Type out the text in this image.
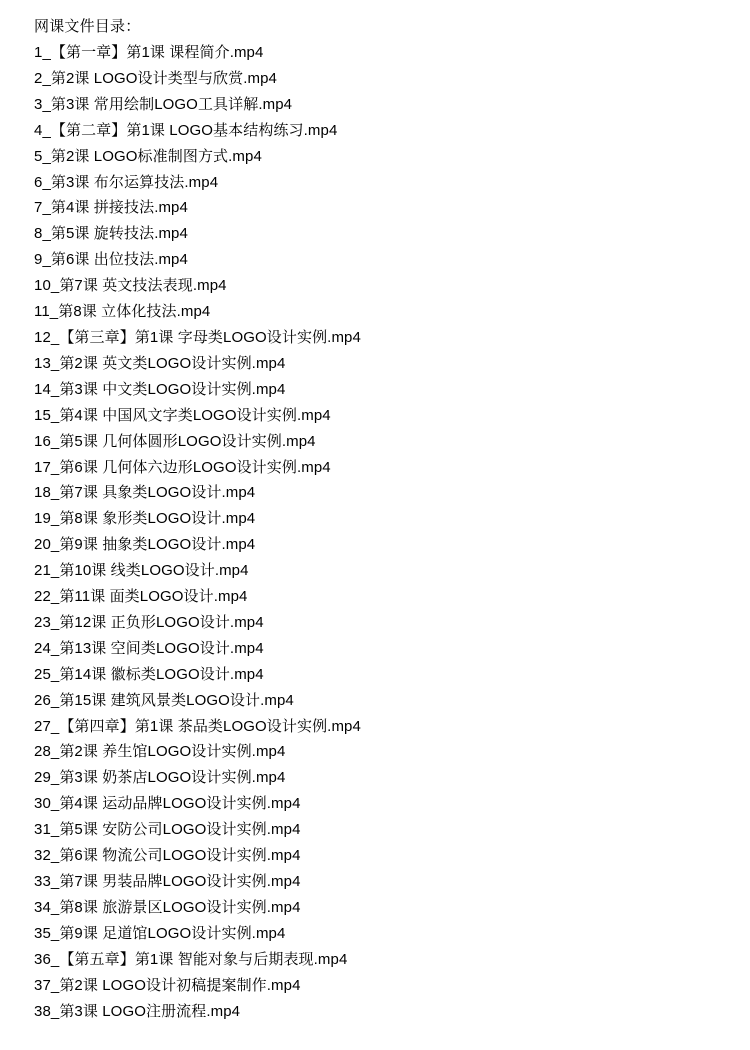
网课文件目录：
1_【第一章】第1课 课程简介.mp4
2_第2课 LOGO设计类型与欣赏.mp4
3_第3课 常用绘制LOGO工具详解.mp4
4_【第二章】第1课 LOGO基本结构练习.mp4
5_第2课 LOGO标准制图方式.mp4
6_第3课 布尔运算技法.mp4
7_第4课 拼接技法.mp4
8_第5课 旋转技法.mp4
9_第6课 出位技法.mp4
10_第7课 英文技法表现.mp4
11_第8课 立体化技法.mp4
12_【第三章】第1课 字母类LOGO设计实例.mp4
13_第2课 英文类LOGO设计实例.mp4
14_第3课 中文类LOGO设计实例.mp4
15_第4课 中国风文字类LOGO设计实例.mp4
16_第5课 几何体圆形LOGO设计实例.mp4
17_第6课 几何体六边形LOGO设计实例.mp4
18_第7课 具象类LOGO设计.mp4
19_第8课 象形类LOGO设计.mp4
20_第9课 抽象类LOGO设计.mp4
21_第10课 线类LOGO设计.mp4
22_第11课 面类LOGO设计.mp4
23_第12课 正负形LOGO设计.mp4
24_第13课 空间类LOGO设计.mp4
25_第14课 徽标类LOGO设计.mp4
26_第15课 建筑风景类LOGO设计.mp4
27_【第四章】第1课 茶品类LOGO设计实例.mp4
28_第2课 养生馆LOGO设计实例.mp4
29_第3课 奶茶店LOGO设计实例.mp4
30_第4课 运动品牌LOGO设计实例.mp4
31_第5课 安防公司LOGO设计实例.mp4
32_第6课 物流公司LOGO设计实例.mp4
33_第7课 男装品牌LOGO设计实例.mp4
34_第8课 旅游景区LOGO设计实例.mp4
35_第9课 足道馆LOGO设计实例.mp4
36_【第五章】第1课 智能对象与后期表现.mp4
37_第2课 LOGO设计初稿提案制作.mp4
38_第3课 LOGO注册流程.mp4
